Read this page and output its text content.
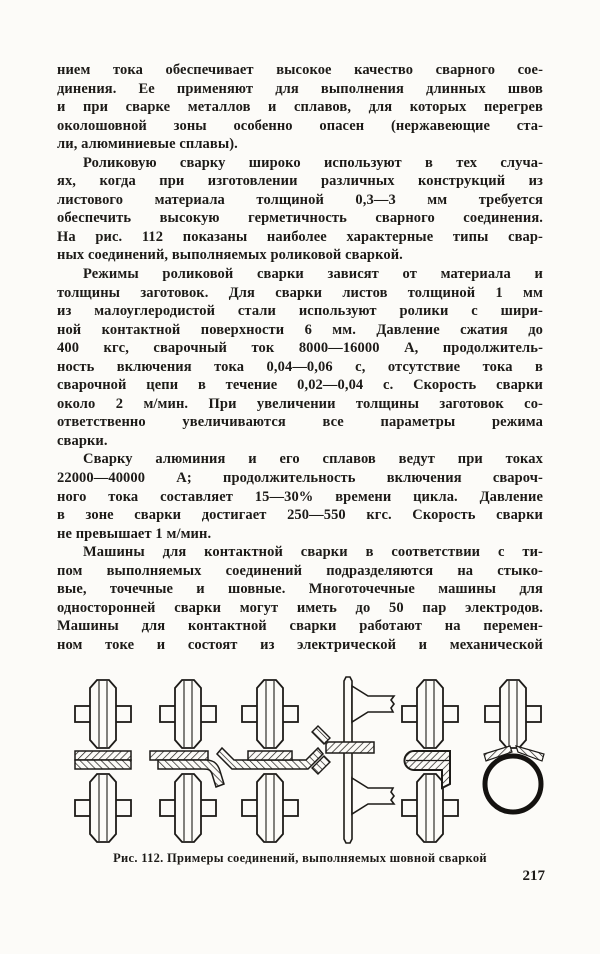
нием тока обеспечивает высокое качество сварного сое-
динения. Ее применяют для выполнения длинных швов
и при сварке металлов и сплавов, для которых перегрев
околошовной зоны особенно опасен (нержавеющие ста-
ли, алюминиевые сплавы).
Роликовую сварку широко используют в тех случа-
ях, когда при изготовлении различных конструкций из
листового материала толщиной 0,3—3 мм требуется
обеспечить высокую герметичность сварного соединения.
На рис. 112 показаны наиболее характерные типы свар-
ных соединений, выполняемых роликовой сваркой.
Режимы роликовой сварки зависят от материала и
толщины заготовок. Для сварки листов толщиной 1 мм
из малоуглеродистой стали используют ролики с шири-
ной контактной поверхности 6 мм. Давление сжатия до
400 кгс, сварочный ток 8000—16000 А, продолжитель-
ность включения тока 0,04—0,06 с, отсутствие тока в
сварочной цепи в течение 0,02—0,04 с. Скорость сварки
около 2 м/мин. При увеличении толщины заготовок со-
ответственно увеличиваются все параметры режима
сварки.
Сварку алюминия и его сплавов ведут при токах
22000—40000 А; продолжительность включения свароч-
ного тока составляет 15—30% времени цикла. Давление
в зоне сварки достигает 250—550 кгс. Скорость сварки
не превышает 1 м/мин.
Машины для контактной сварки в соответствии с ти-
пом выполняемых соединений подразделяются на стыко-
вые, точечные и шовные. Многоточечные машины для
односторонней сварки могут иметь до 50 пар электродов.
Машины для контактной сварки работают на перемен-
ном токе и состоят из электрической и механической
Рис. 112. Примеры соединений, выполняемых шовной сваркой
217
